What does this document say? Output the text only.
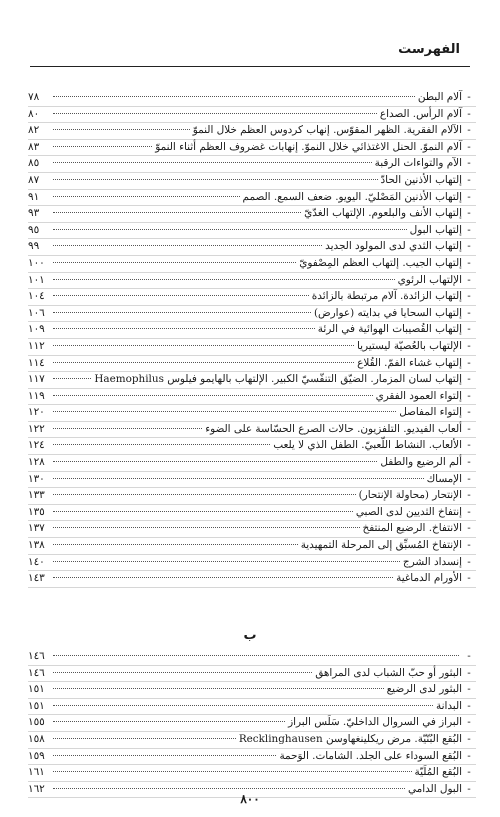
الفهرست
-
آلام البطن
٧٨
-
آلام الرأس. الصداع
٨٠
-
الآلام الفقرية. الظهر المقوّس. إنهاب كردوس العظم خلال النموّ
٨٢
-
آلام النموّ. الحنل الاغتذائي خلال النموّ. إنهابات غضروف العظم أثناء النموّ
٨٣
-
الآم والتواءات الرقبة
٨٥
-
إلتهاب الأذنين الحادّ
٨٧
-
إلتهاب الأذنين المَصْليّ. اليويو. ضعف السمع. الصمم
٩١
-
إلتهاب الأنف والبلعوم. الإلتهاب الغدّيّ
٩٣
-
إلتهاب البول
٩٥
-
إلتهاب الثدي لدى المولود الجديد
٩٩
-
إلتهاب الجيب. إلتهاب العظم المِصْفويّ
١٠٠
-
الإلتهاب الرئوي
١٠١
-
إلتهاب الزائدة. آلام مرتبطة بالزائدة
١٠٤
-
إلتهاب السحايا في بدايته (عوارض)
١٠٦
-
إلتهاب القُصيبات الهوائية في الرئة
١٠٩
-
الإلتهاب بالعُصيّة ليستيريا
١١٢
-
إلتهاب غشاء الفمّ. القُلاع
١١٤
-
إلتهاب لسان المزمار. الضيّق التنفّسيّ الكبير. الإلتهاب بالهايمو فيلوس Haemophilus
١١٧
-
إلتواء العمود الفقري
١١٩
-
إلتواء المفاصل
١٢٠
-
ألعاب الفيديو. التلفزيون. حالات الصرع الحسّاسة على الضوء
١٢٢
-
الألعاب. النشاط اللّعبيّ. الطفل الذي لا يلعب
١٢٤
-
ألم الرضيع والطفل
١٢٨
-
الإمساك
١٣٠
-
الإنتحار (محاولة الإنتحار)
١٣٣
-
إنتفاخ الثديين لدى الصبي
١٣٥
-
الانتفاخ. الرضيع المنتفخ
١٣٧
-
الإنتفاخ المُسبِّق إلى المرحلة التمهيدية
١٣٨
-
إنسداد الشرج
١٤٠
-
الأورام الدماغية
١٤٣
ب
-
١٤٦
-
البثور أو حبّ الشباب لدى المراهق
١٤٦
-
البثور لدى الرضيع
١٥١
-
البدانة
١٥١
-
البراز في السروال الداخليّ. سَلَس البراز
١٥٥
-
البُقع البُنّيّة. مرض ريكلينغهاوسن Recklinghausen
١٥٨
-
البُقع السوداء على الجلد. الشامات. الوَحمة
١٥٩
-
البُقع المُلَيّة
١٦١
-
البول الدامي
١٦٢
٨٠٠
